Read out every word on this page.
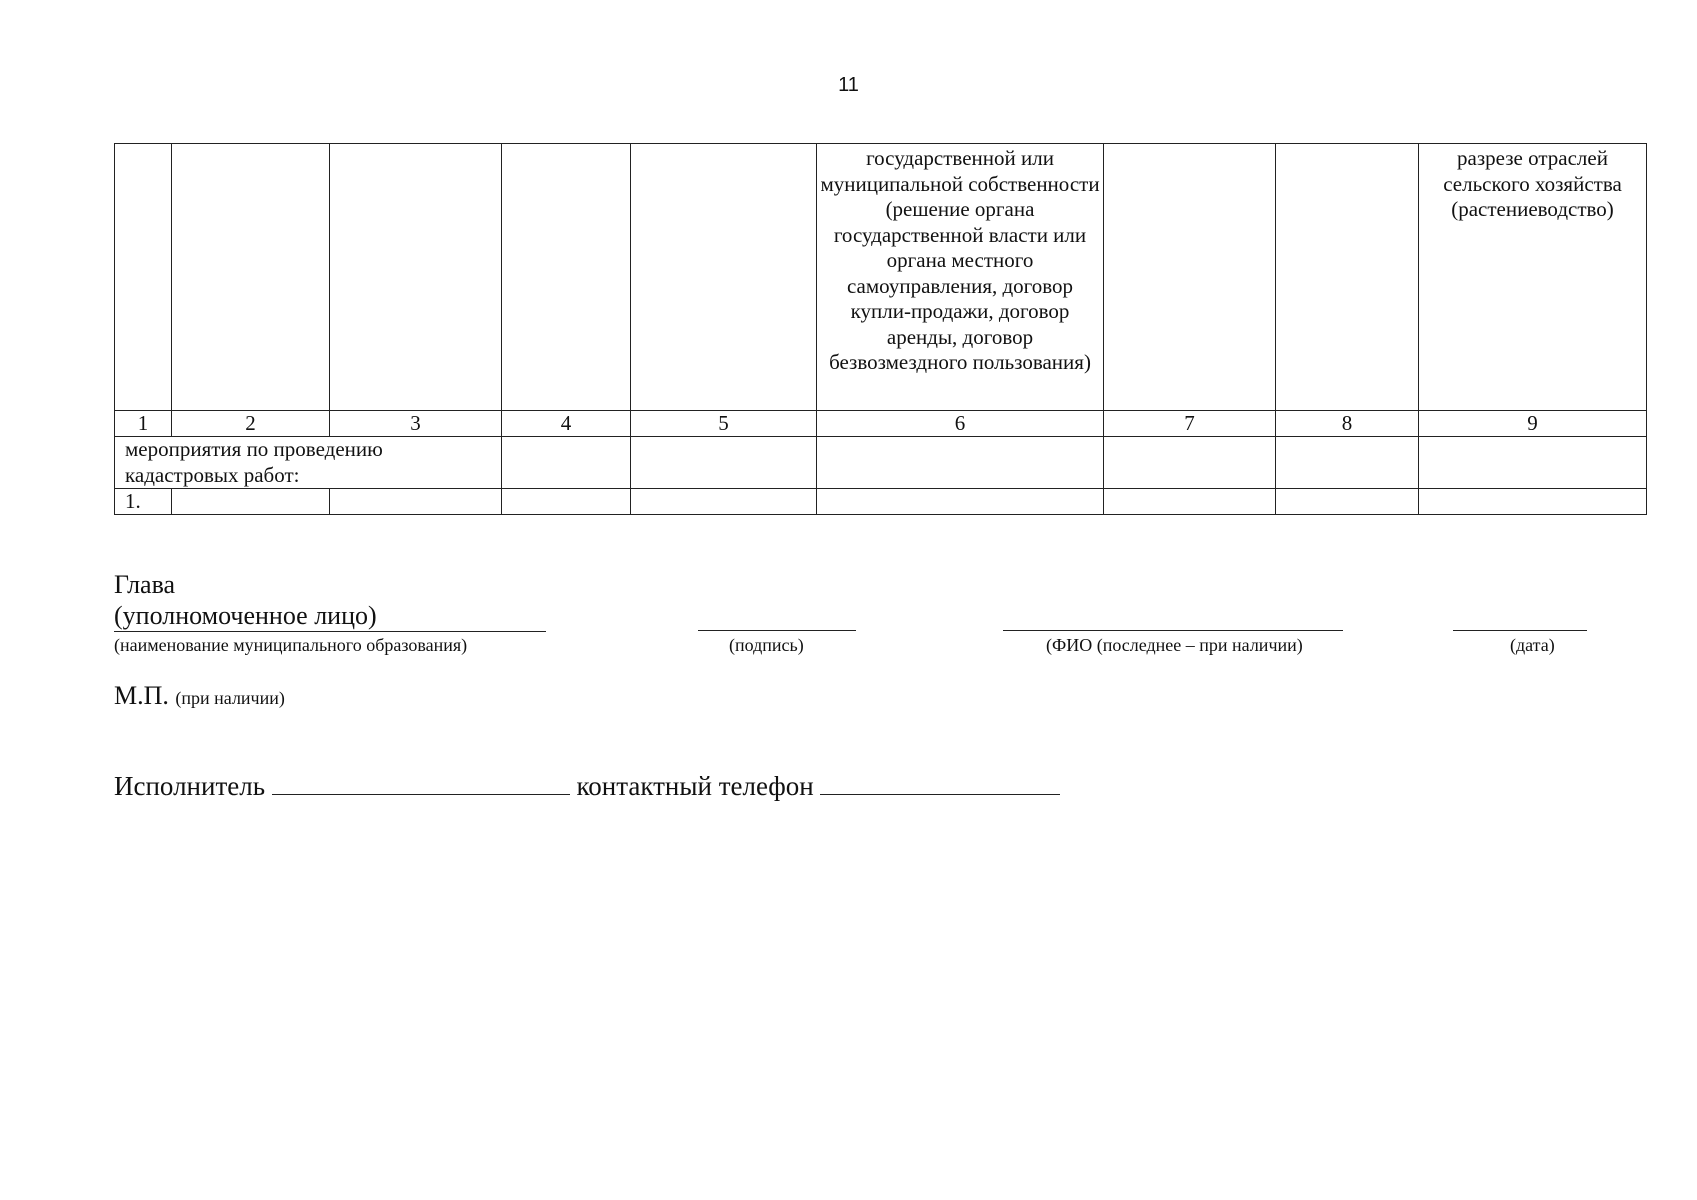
11

					государственной или муниципальной собственности (решение органа государственной власти или органа местного самоуправления, договор купли-продажи, договор аренды, договор безвозмездного пользования)			разрезе отраслей сельского хозяйства (растениеводство)

1	2	3	4	5	6	7	8	9
мероприятия по проведению кадастровых работ:								
1.								
Глава
(уполномоченное лицо)
(наименование муниципального образования)	(подпись)	(ФИО (последнее – при наличии)	(дата)
М.П. (при наличии)
Исполнитель	контактный телефон
